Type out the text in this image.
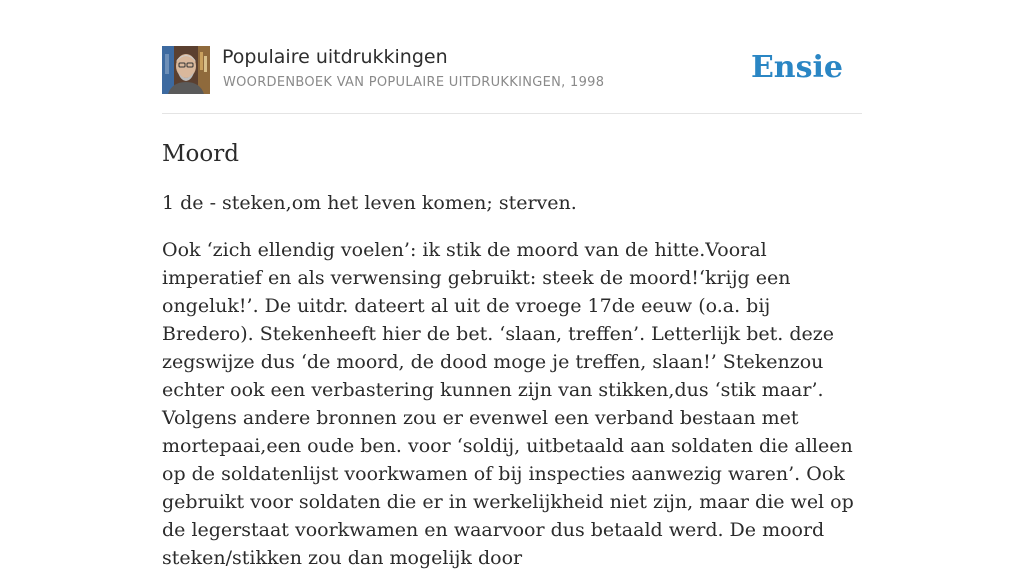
Populaire uitdrukkingen
WOORDENBOEK VAN POPULAIRE UITDRUKKINGEN, 1998	Ensie
Moord

1 de - steken,om het leven komen; sterven.

Ook ‘zich ellendig voelen’: ik stik de moord van de hitte.Vooral imperatief en als verwensing gebruikt: steek de moord!‘krijg een ongeluk!’. De uitdr. dateert al uit de vroege 17de eeuw (o.a. bij Bredero). Stekenheeft hier de bet. ‘slaan, treffen’. Letterlijk bet. deze zegswijze dus ‘de moord, de dood moge je treffen, slaan!’ Stekenzou echter ook een verbastering kunnen zijn van stikken,dus ‘stik maar’. Volgens andere bronnen zou er evenwel een verband bestaan met mortepaai,een oude ben. voor ‘soldij, uitbetaald aan soldaten die alleen op de soldatenlijst voorkwamen of bij inspecties aanwezig waren’. Ook gebruikt voor soldaten die er in werkelijkheid niet zijn, maar die wel op de legerstaat voorkwamen en waarvoor dus betaald werd. De moord steken/stikken zou dan mogelijk door
